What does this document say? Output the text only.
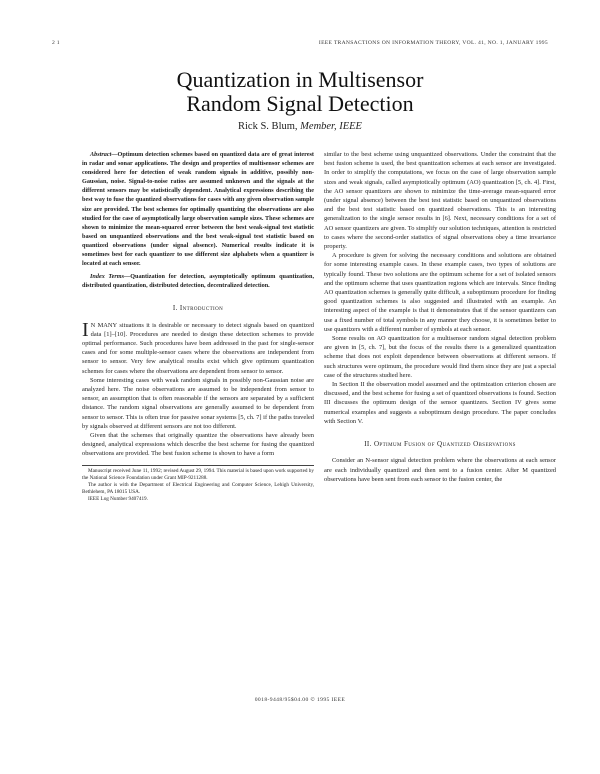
2 1	IEEE TRANSACTIONS ON INFORMATION THEORY, VOL. 41, NO. 1, JANUARY 1995
Quantization in Multisensor
Random Signal Detection
Rick S. Blum, Member, IEEE

Abstract—Optimum detection schemes based on quantized data are of great interest in radar and sonar applications. The design and properties of multisensor schemes are considered here for detection of weak random signals in additive, possibly non-Gaussian, noise. Signal-to-noise ratios are assumed unknown and the signals at the different sensors may be statistically dependent. Analytical expressions describing the best way to fuse the quantized observations for cases with any given observation sample size are provided. The best schemes for optimally quantizing the observations are also studied for the case of asymptotically large observation sample sizes. These schemes are shown to minimize the mean-squared error between the best weak-signal test statistic based on unquantized observations and the best weak-signal test statistic based on quantized observations (under signal absence). Numerical results indicate it is sometimes best for each quantizer to use different size alphabets when a quantizer is located at each sensor.

Index Terms—Quantization for detection, asymptotically optimum quantization, distributed quantization, distributed detection, decentralized detection.

I. Introduction

I N MANY situations it is desirable or necessary to detect signals based on quantized data [1]–[10]. Procedures are needed to design these detection schemes to provide optimal performance. Such procedures have been addressed in the past for single-sensor cases and for some multiple-sensor cases where the observations are independent from sensor to sensor. Very few analytical results exist which give optimum quantization schemes for cases where the observations are dependent from sensor to sensor.

Some interesting cases with weak random signals in possibly non-Gaussian noise are analyzed here. The noise observations are assumed to be independent from sensor to sensor, an assumption that is often reasonable if the sensors are separated by a sufficient distance. The random signal observations are generally assumed to be dependent from sensor to sensor. This is often true for passive sonar systems [5, ch. 7] if the paths traveled by signals observed at different sensors are not too different.

Given that the schemes that originally quantize the observations have already been designed, analytical expressions which describe the best scheme for fusing the quantized observations are provided. The best fusion scheme is shown to have a form

Manuscript received June 11, 1992; revised August 29, 1994. This material is based upon work supported by the National Science Foundation under Grant MIP-9211288.

The author is with the Department of Electrical Engineering and Computer Science, Lehigh University, Bethlehem, PA 18015 USA.

IEEE Log Number 9407419.

similar to the best scheme using unquantized observations. Under the constraint that the best fusion scheme is used, the best quantization schemes at each sensor are investigated. In order to simplify the computations, we focus on the case of large observation sample sizes and weak signals, called asymptotically optimum (AO) quantization [5, ch. 4]. First, the AO sensor quantizers are shown to minimize the time-average mean-squared error (under signal absence) between the best test statistic based on unquantized observations and the best test statistic based on quantized observations. This is an interesting generalization to the single sensor results in [6]. Next, necessary conditions for a set of AO sensor quantizers are given. To simplify our solution techniques, attention is restricted to cases where the second-order statistics of signal observations obey a time invariance property.

A procedure is given for solving the necessary conditions and solutions are obtained for some interesting example cases. In these example cases, two types of solutions are typically found. These two solutions are the optimum scheme for a set of isolated sensors and the optimum scheme that uses quantization regions which are intervals. Since finding AO quantization schemes is generally quite difficult, a suboptimum procedure for finding good quantization schemes is also suggested and illustrated with an example. An interesting aspect of the example is that it demonstrates that if the sensor quantizers can use a fixed number of total symbols in any manner they choose, it is sometimes better to use quantizers with a different number of symbols at each sensor.

Some results on AO quantization for a multisensor random signal detection problem are given in [5, ch. 7], but the focus of the results there is a generalized quantization scheme that does not exploit dependence between observations at different sensors. If such structures were optimum, the procedure would find them since they are just a special case of the structures studied here.

In Section II the observation model assumed and the optimization criterion chosen are discussed, and the best scheme for fusing a set of quantized observations is found. Section III discusses the optimum design of the sensor quantizers. Section IV gives some numerical examples and suggests a suboptimum design procedure. The paper concludes with Section V.

II. Optimum Fusion of Quantized Observations

Consider an N-sensor signal detection problem where the observations at each sensor are each individually quantized and then sent to a fusion center. After M quantized observations have been sent from each sensor to the fusion center, the

0018-9448/95$04.00 © 1995 IEEE
